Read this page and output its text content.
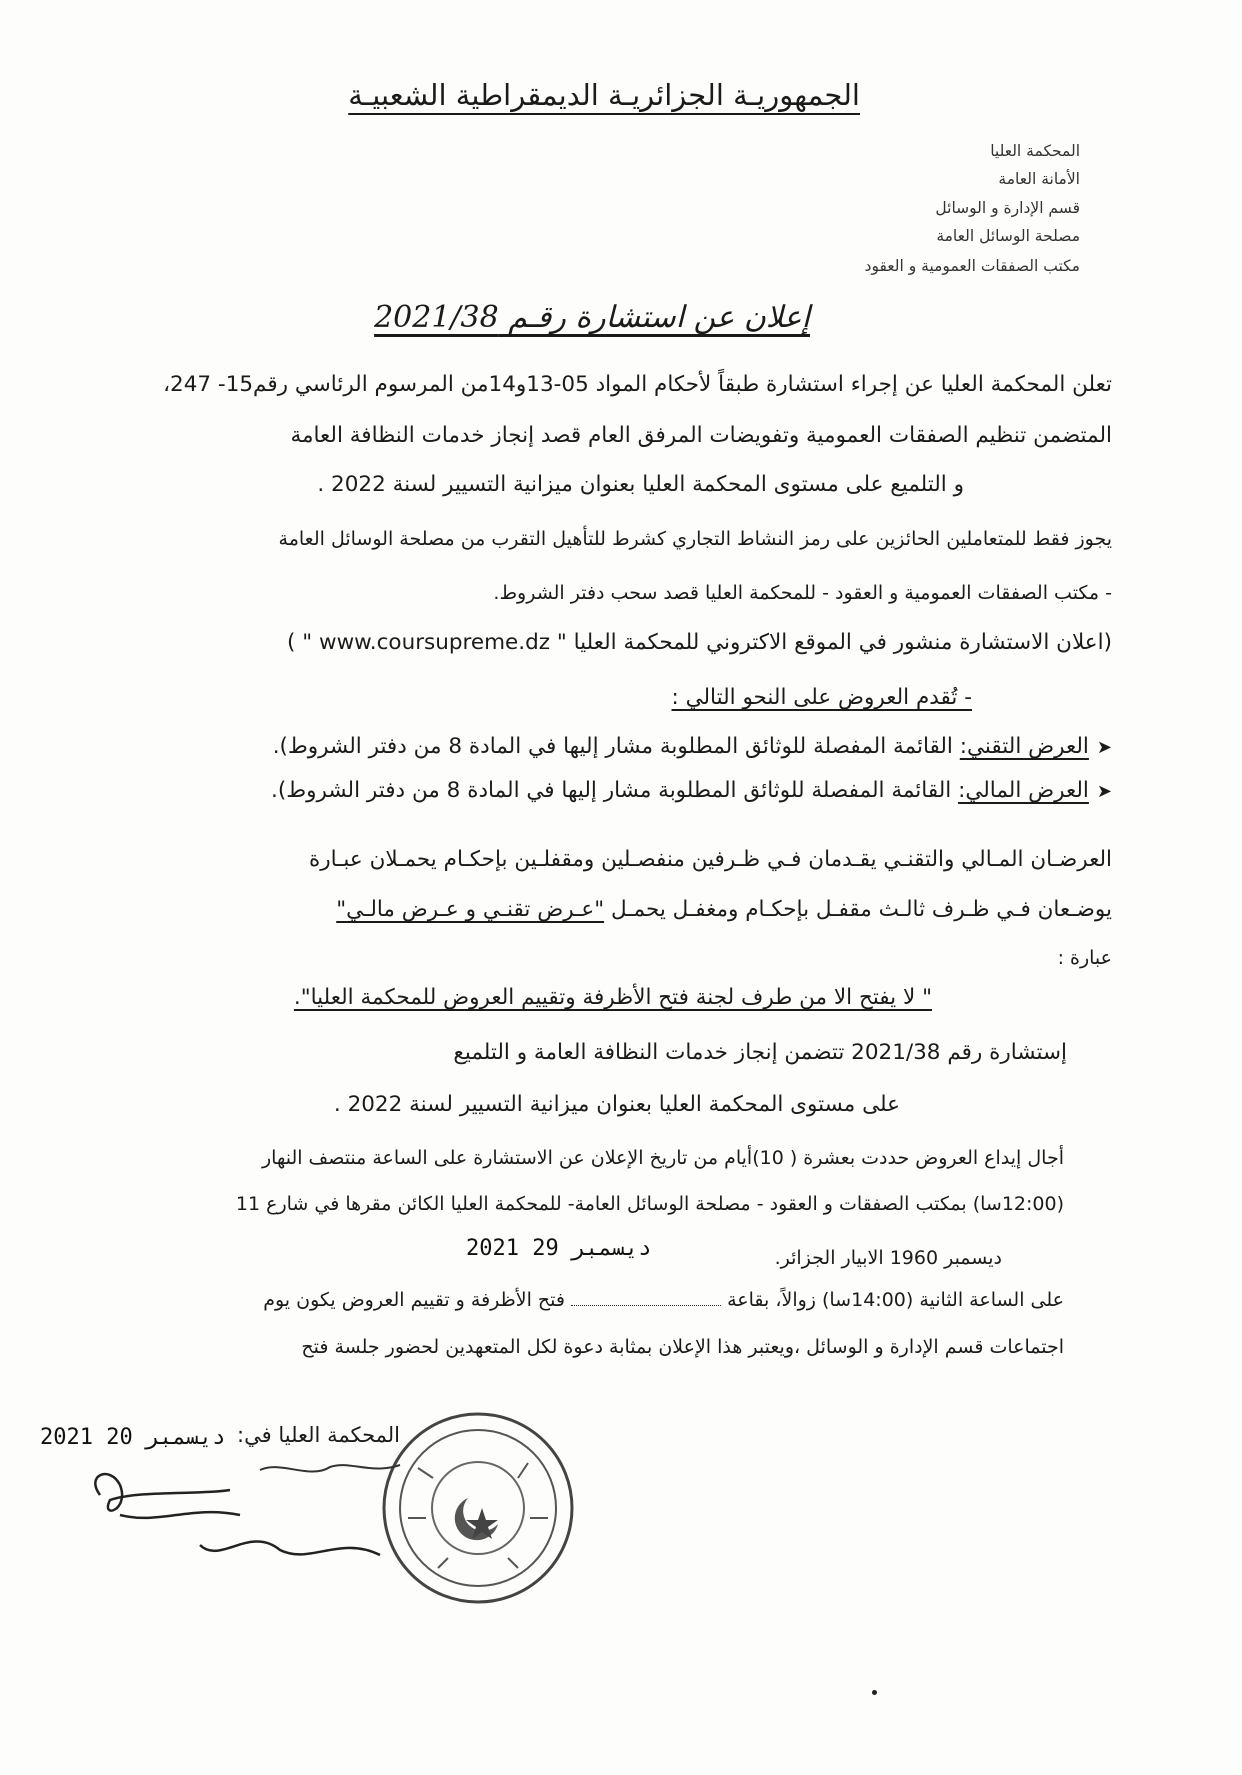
الجمهوريـة الجزائريـة الديمقراطية الشعبيـة
المحكمة العليا
الأمانة العامة
قسم الإدارة و الوسائل
مصلحة الوسائل العامة
مكتب الصفقات العمومية و العقود
إعلان عن استشارة رقـم 2021/38
تعلن المحكمة العليا عن إجراء استشارة طبقاً لأحكام المواد 05-13و14من المرسوم الرئاسي رقم15- 247،
المتضمن تنظيم الصفقات العمومية وتفويضات المرفق العام قصد إنجاز خدمات النظافة العامة
و التلميع على مستوى المحكمة العليا بعنوان ميزانية التسيير لسنة 2022 .
يجوز فقط للمتعاملين الحائزين على رمز النشاط التجاري كشرط للتأهيل التقرب من مصلحة الوسائل العامة
- مكتب الصفقات العمومية و العقود - للمحكمة العليا قصد سحب دفتر الشروط.
(اعلان الاستشارة منشور في الموقع الاكتروني للمحكمة العليا " www.coursupreme.dz " )
- تُقدم العروض على النحو التالي :
➤العرض التقني: القائمة المفصلة للوثائق المطلوبة مشار إليها في المادة 8 من دفتر الشروط).
➤العرض المالي: القائمة المفصلة للوثائق المطلوبة مشار إليها في المادة 8 من دفتر الشروط).
العرضـان المـالي والتقنـي يقـدمان فـي ظـرفين منفصـلين ومقفلـين بإحكـام يحمـلان عبـارة
يوضـعان فـي ظـرف ثالـث مقفـل بإحكـام ومغفـل يحمـل "عـرض تقنـي و عـرض مالـي"
عبارة :
" لا يفتح الا من طرف لجنة فتح الأظرفة وتقييم العروض للمحكمة العليا".
إستشارة رقم 2021/38 تتضمن إنجاز خدمات النظافة العامة و التلميع
على مستوى المحكمة العليا بعنوان ميزانية التسيير لسنة 2022 .
أجال إيداع العروض حددت بعشرة ( 10)أيام من تاريخ الإعلان عن الاستشارة على الساعة منتصف النهار
(12:00سا) بمكتب الصفقات و العقود - مصلحة الوسائل العامة- للمحكمة العليا الكائن مقرها في شارع 11
ديسمبر 1960 الابيار الجزائر.
2021 29 ديسمبر
على الساعة الثانية (14:00سا) زوالاً، بقاعة  فتح الأظرفة و تقييم العروض يكون يوم
اجتماعات قسم الإدارة و الوسائل ،ويعتبر هذا الإعلان بمثابة دعوة لكل المتعهدين لحضور جلسة فتح
المحكمة العليا في:
2021 20 ديسمبر
